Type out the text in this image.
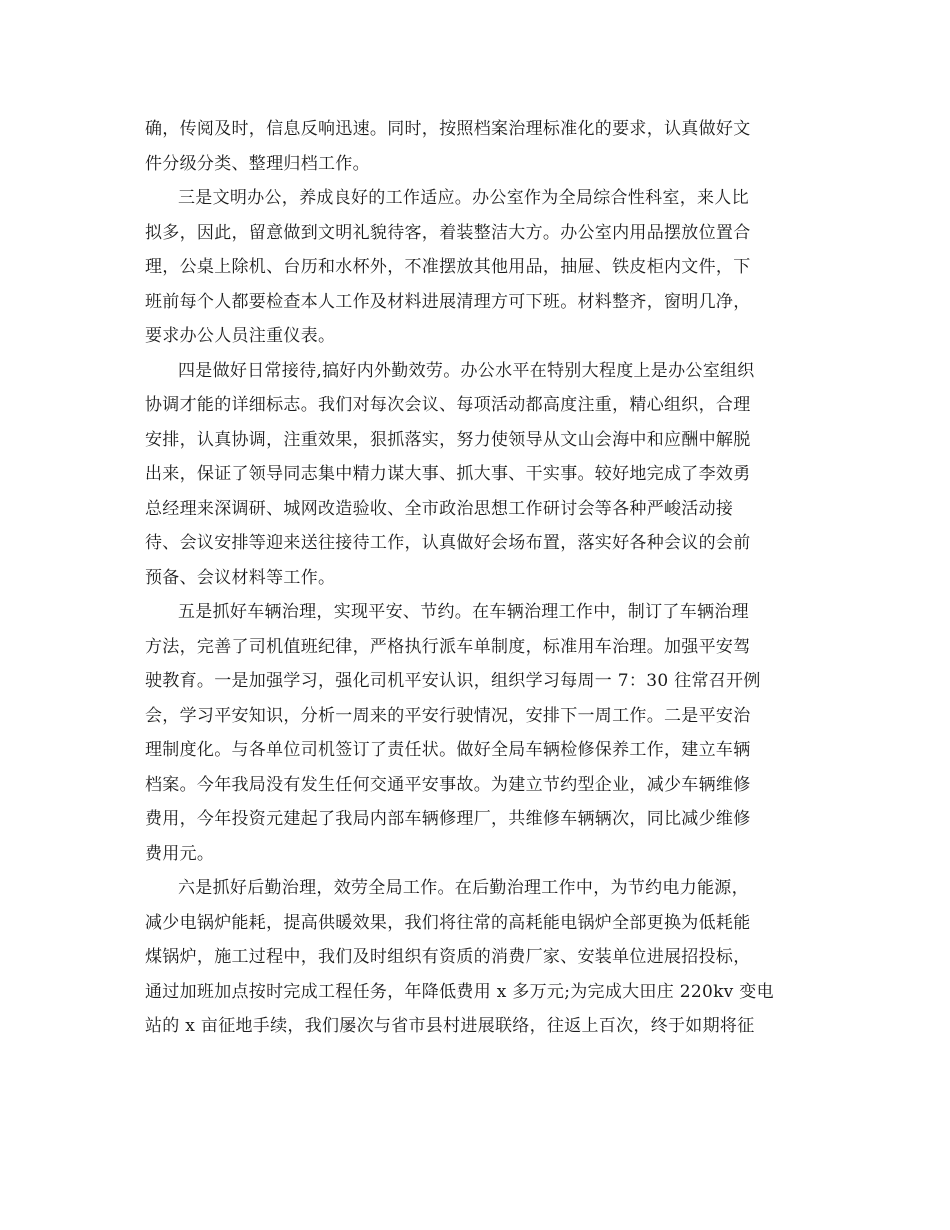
确，传阅及时，信息反响迅速。同时，按照档案治理标准化的要求，认真做好文
件分级分类、整理归档工作。
三是文明办公，养成良好的工作适应。办公室作为全局综合性科室，来人比
拟多，因此，留意做到文明礼貌待客，着装整洁大方。办公室内用品摆放位置合
理，公桌上除机、台历和水杯外，不准摆放其他用品，抽屉、铁皮柜内文件，下
班前每个人都要检查本人工作及材料进展清理方可下班。材料整齐，窗明几净，
要求办公人员注重仪表。
四是做好日常接待,搞好内外勤效劳。办公水平在特别大程度上是办公室组织
协调才能的详细标志。我们对每次会议、每项活动都高度注重，精心组织，合理
安排，认真协调，注重效果，狠抓落实，努力使领导从文山会海中和应酬中解脱
出来，保证了领导同志集中精力谋大事、抓大事、干实事。较好地完成了李效勇
总经理来深调研、城网改造验收、全市政治思想工作研讨会等各种严峻活动接
待、会议安排等迎来送往接待工作，认真做好会场布置，落实好各种会议的会前
预备、会议材料等工作。
五是抓好车辆治理，实现平安、节约。在车辆治理工作中，制订了车辆治理
方法，完善了司机值班纪律，严格执行派车单制度，标准用车治理。加强平安驾
驶教育。一是加强学习，强化司机平安认识，组织学习每周一 7：30 往常召开例
会，学习平安知识，分析一周来的平安行驶情况，安排下一周工作。二是平安治
理制度化。与各单位司机签订了责任状。做好全局车辆检修保养工作，建立车辆
档案。今年我局没有发生任何交通平安事故。为建立节约型企业，减少车辆维修
费用，今年投资元建起了我局内部车辆修理厂，共维修车辆辆次，同比减少维修
费用元。
六是抓好后勤治理，效劳全局工作。在后勤治理工作中，为节约电力能源，
减少电锅炉能耗，提高供暖效果，我们将往常的高耗能电锅炉全部更换为低耗能
煤锅炉，施工过程中，我们及时组织有资质的消费厂家、安装单位进展招投标，
通过加班加点按时完成工程任务，年降低费用 x 多万元;为完成大田庄 220kv 变电
站的 x 亩征地手续，我们屡次与省市县村进展联络，往返上百次，终于如期将征
